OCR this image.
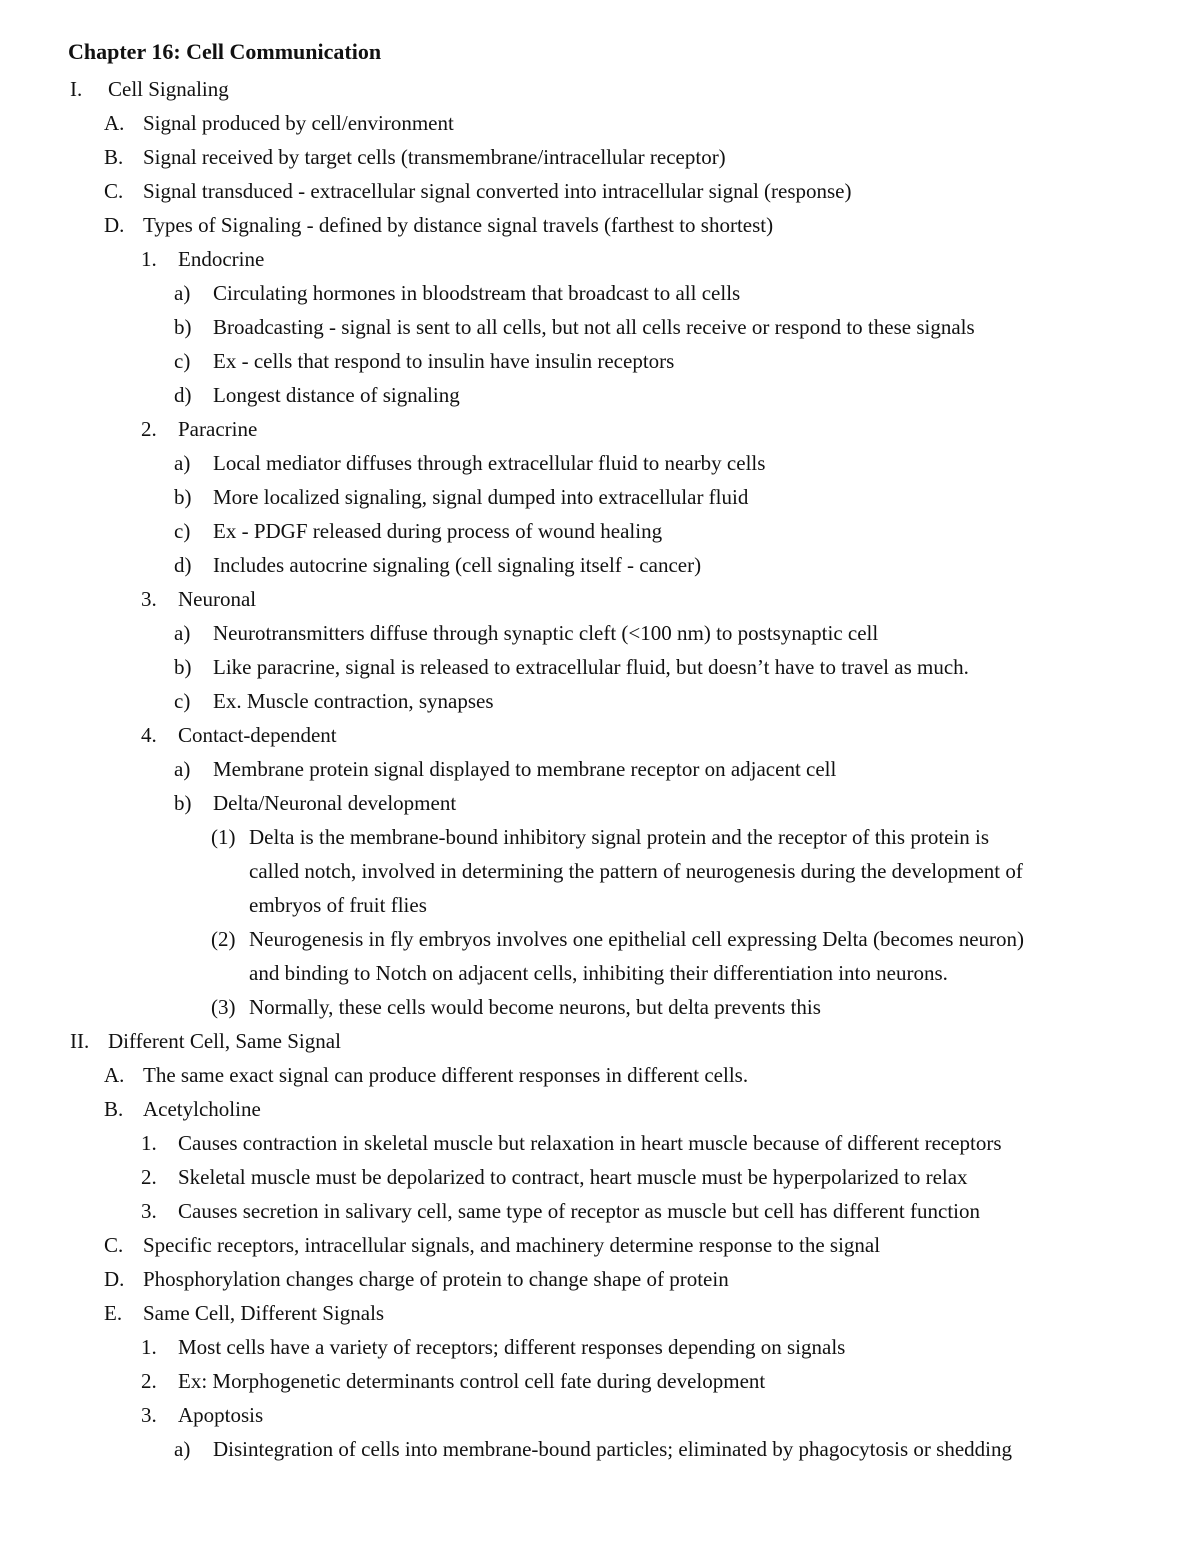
Chapter 16: Cell Communication
I. Cell Signaling
A. Signal produced by cell/environment
B. Signal received by target cells (transmembrane/intracellular receptor)
C. Signal transduced - extracellular signal converted into intracellular signal (response)
D. Types of Signaling - defined by distance signal travels (farthest to shortest)
1. Endocrine
a) Circulating hormones in bloodstream that broadcast to all cells
b) Broadcasting - signal is sent to all cells, but not all cells receive or respond to these signals
c) Ex - cells that respond to insulin have insulin receptors
d) Longest distance of signaling
2. Paracrine
a) Local mediator diffuses through extracellular fluid to nearby cells
b) More localized signaling, signal dumped into extracellular fluid
c) Ex - PDGF released during process of wound healing
d) Includes autocrine signaling (cell signaling itself - cancer)
3. Neuronal
a) Neurotransmitters diffuse through synaptic cleft (<100 nm) to postsynaptic cell
b) Like paracrine, signal is released to extracellular fluid, but doesn’t have to travel as much.
c) Ex. Muscle contraction, synapses
4. Contact-dependent
a) Membrane protein signal displayed to membrane receptor on adjacent cell
b) Delta/Neuronal development
(1) Delta is the membrane-bound inhibitory signal protein and the receptor of this protein is
called notch, involved in determining the pattern of neurogenesis during the development of
embryos of fruit flies
(2) Neurogenesis in fly embryos involves one epithelial cell expressing Delta (becomes neuron)
and binding to Notch on adjacent cells, inhibiting their differentiation into neurons.
(3) Normally, these cells would become neurons, but delta prevents this
II. Different Cell, Same Signal
A. The same exact signal can produce different responses in different cells.
B. Acetylcholine
1. Causes contraction in skeletal muscle but relaxation in heart muscle because of different receptors
2. Skeletal muscle must be depolarized to contract, heart muscle must be hyperpolarized to relax
3. Causes secretion in salivary cell, same type of receptor as muscle but cell has different function
C. Specific receptors, intracellular signals, and machinery determine response to the signal
D. Phosphorylation changes charge of protein to change shape of protein
E. Same Cell, Different Signals
1. Most cells have a variety of receptors; different responses depending on signals
2. Ex: Morphogenetic determinants control cell fate during development
3. Apoptosis
a) Disintegration of cells into membrane-bound particles; eliminated by phagocytosis or shedding
